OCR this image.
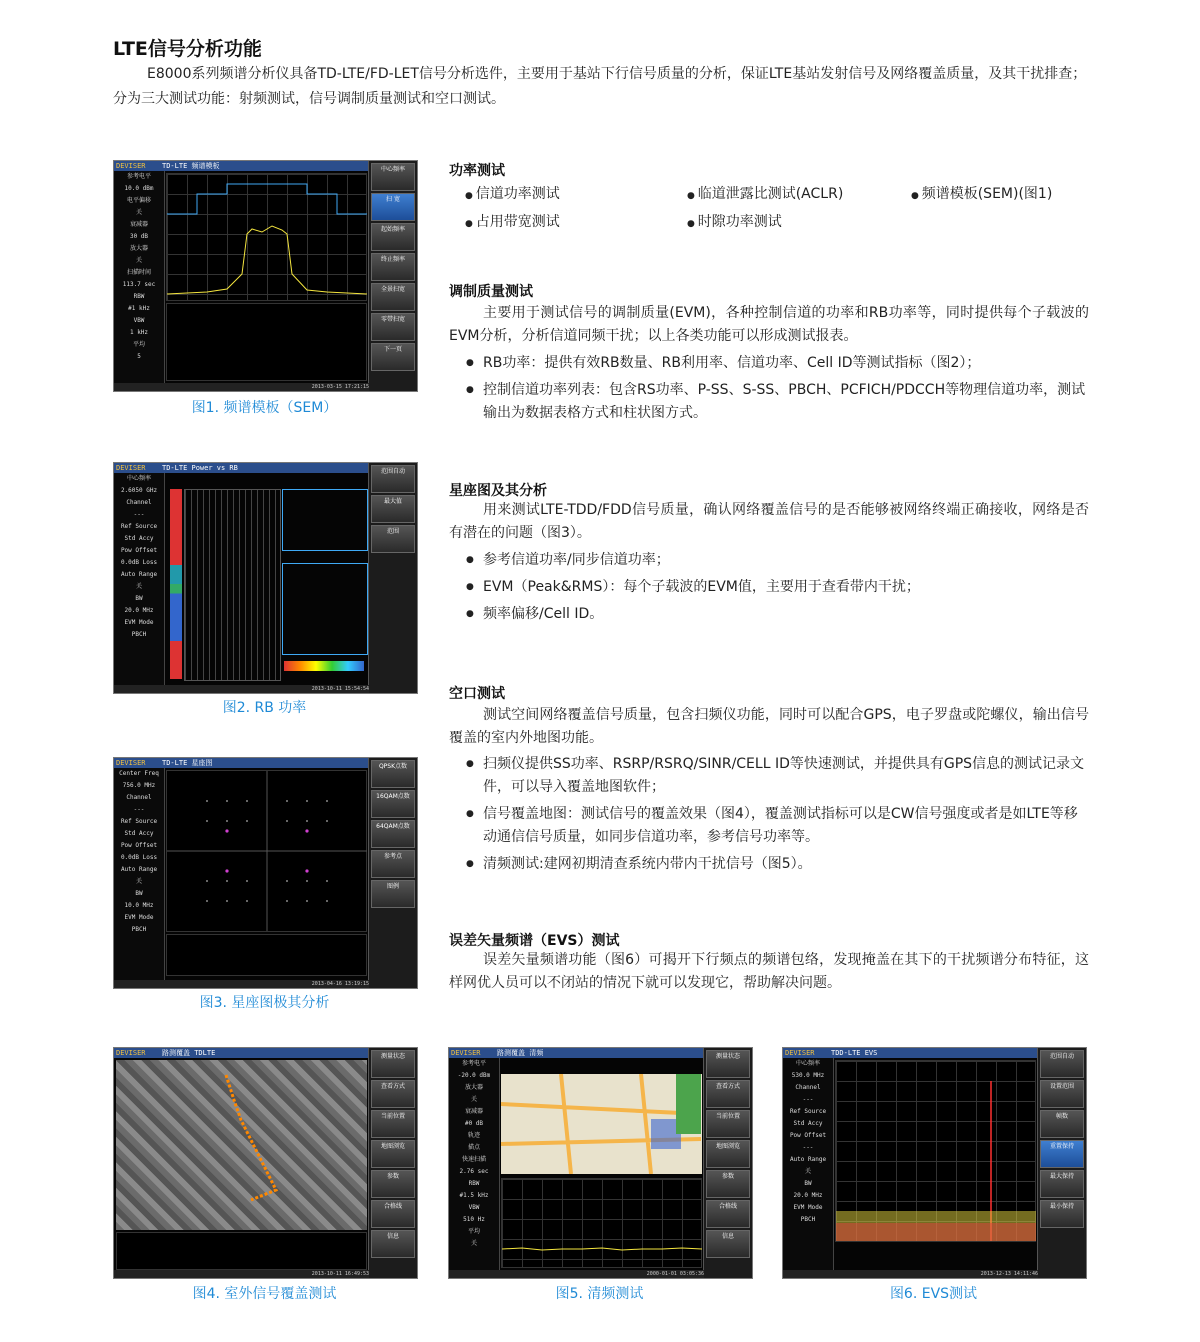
LTE信号分析功能

E8000系列频谱分析仪具备TD-LTE/FD-LET信号分析选件，主要用于基站下行信号质量的分析，保证LTE基站发射信号及网络覆盖质量，及其干扰排查；分为三大测试功能：射频测试，信号调制质量测试和空口测试。

功率测试
● 信道功率测试	● 临道泄露比测试(ACLR)	● 频谱模板(SEM)(图1)
● 占用带宽测试	● 时隙功率测试
调制质量测试

主要用于测试信号的调制质量(EVM)，各种控制信道的功率和RB功率等，同时提供每个子载波的EVM分析，分析信道同频干扰；以上各类功能可以形成测试报表。

● RB功率：提供有效RB数量、RB利用率、信道功率、Cell ID等测试指标（图2）；
● 控制信道功率列表：包含RS功率、P-SS、S-SS、PBCH、PCFICH/PDCCH等物理信道功率，测试输出为数据表格方式和柱状图方式。
星座图及其分析

用来测试LTE-TDD/FDD信号质量，确认网络覆盖信号的是否能够被网络终端正确接收，网络是否有潜在的问题（图3）。

● 参考信道功率/同步信道功率；
● EVM（Peak&RMS）：每个子载波的EVM值，主要用于查看带内干扰；
● 频率偏移/Cell ID。
空口测试

测试空间网络覆盖信号质量，包含扫频仪功能，同时可以配合GPS，电子罗盘或陀螺仪，输出信号覆盖的室内外地图功能。

● 扫频仪提供SS功率、RSRP/RSRQ/SINR/CELL ID等快速测试，并提供具有GPS信息的测试记录文件，可以导入覆盖地图软件；
● 信号覆盖地图：测试信号的覆盖效果（图4），覆盖测试指标可以是CW信号强度或者是如LTE等移动通信信号质量，如同步信道功率，参考信号功率等。
● 清频测试:建网初期清查系统内带内干扰信号（图5）。
误差矢量频谱（EVS）测试

误差矢量频谱功能（图6）可揭开下行频点的频谱包络，发现掩盖在其下的干扰频谱分布特征，这样网优人员可以不闭站的情况下就可以发现它，帮助解决问题。

DEVISER TD-LTE 频谱模板
参考电平
10.0 dBm
电平偏移
关
衰减器
30 dB
放大器
关
扫描时间
113.7 sec
RBW
#1 kHz
VBW
1 kHz
平均
5
中心频率
扫 宽
起始频率
终止频率
全景扫宽
零带扫宽
下一页
2013-03-15 17:21:15
图1. 频谱模板（SEM）
DEVISER TD-LTE Power vs RB
中心频率
2.6050 GHz
Channel
---
Ref Source
Std Accy
Pow Offset
0.0dB Loss
Auto Range
关
BW
20.0 MHz
EVM Mode
PBCH
范围自动
最大值
范围
2013-10-11 15:54:54
图2. RB 功率
DEVISER TD-LTE 星座图
Center Freq
756.0 MHz
Channel
---
Ref Source
Std Accy
Pow Offset
0.0dB Loss
Auto Range
关
BW
10.0 MHz
EVM Mode
PBCH
QPSK点数
16QAM点数
64QAM点数
参考点
图例
2013-04-16 13:19:15
图3. 星座图极其分析
DEVISER 路测覆盖 TDLTE	测量状态
查看方式
当前位置
地图浏览
参数
合格线
信息
2013-10-11 16:49:53
图4. 室外信号覆盖测试
DEVISER 路测覆盖 清频
参考电平
-20.0 dBm
放大器
关
衰减器
#0 dB
轨迹
描点
快速扫描
2.76 sec
RBW
#1.5 kHz
VBW
510 Hz
平均
关
测量状态
查看方式
当前位置
地图浏览
参数
合格线
信息
2000-01-01 03:05:36
图5. 清频测试
DEVISER TDD-LTE EVS
中心频率
530.0 MHz
Channel
---
Ref Source
Std Accy
Pow Offset
---
Auto Range
关
BW
20.0 MHz
EVM Mode
PBCH
范围自动
设置范围
帧数
重置保持
最大保持
最小保持
2013-12-13 14:11:46
图6. EVS测试
